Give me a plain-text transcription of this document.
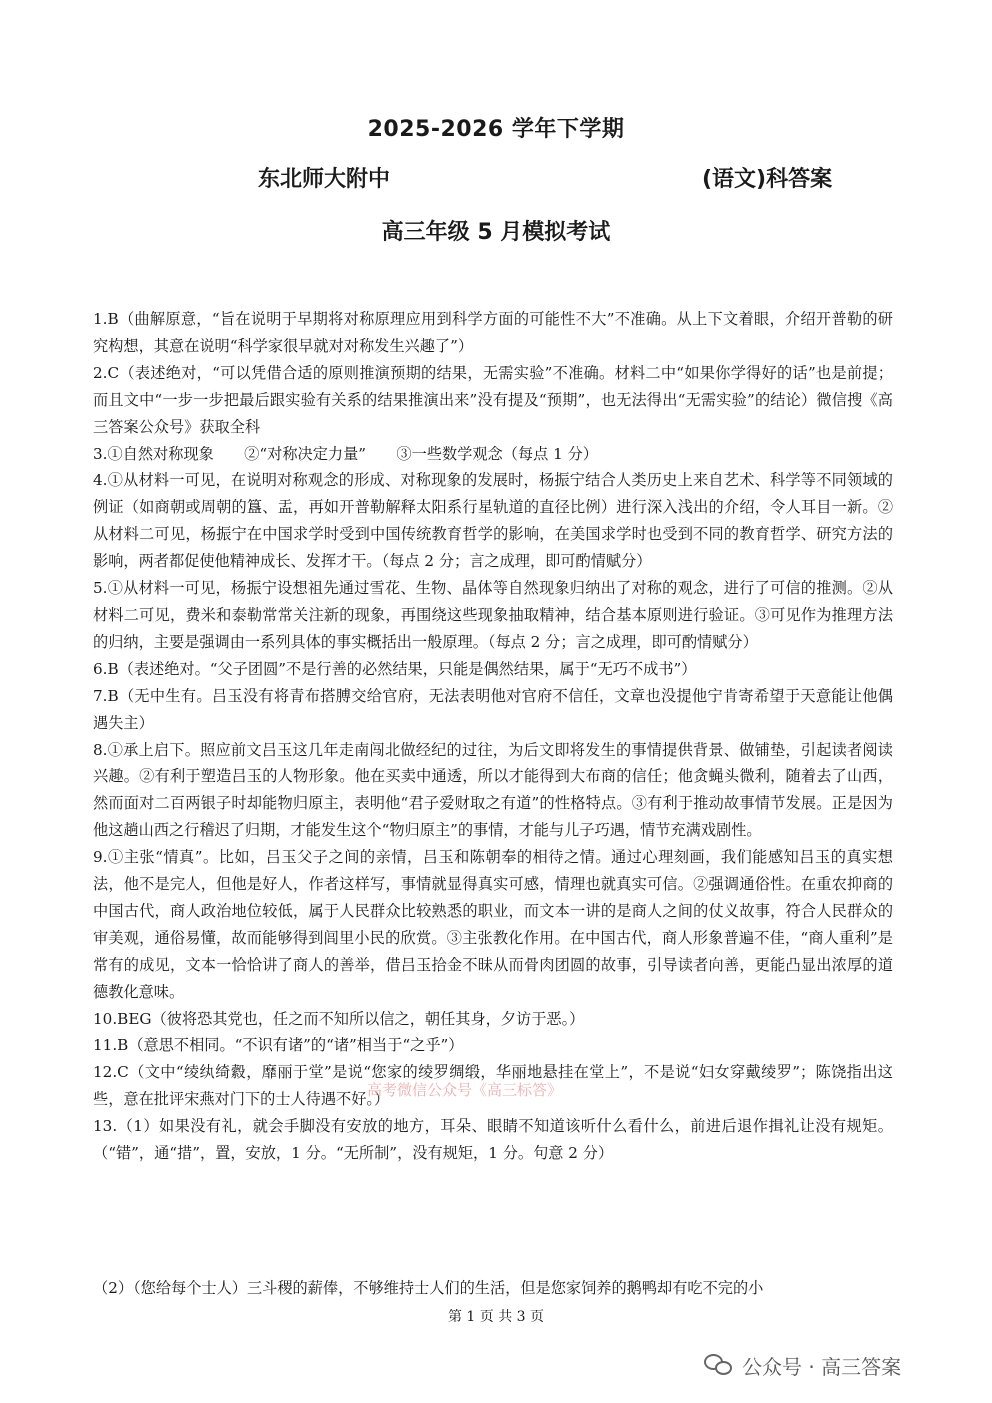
2025-2026 学年下学期
东北师大附中	(语文)科答案
高三年级 5 月模拟考试

1.B（曲解原意，“旨在说明于早期将对称原理应用到科学方面的可能性不大”不准确。从上下文着眼，介绍开普勒的研究构想，其意在说明“科学家很早就对对称发生兴趣了”）

2.C（表述绝对，“可以凭借合适的原则推演预期的结果，无需实验”不准确。材料二中“如果你学得好的话”也是前提；而且文中“一步一步把最后跟实验有关系的结果推演出来”没有提及“预期”，也无法得出“无需实验”的结论）微信搜《高三答案公众号》获取全科

3.①自然对称现象　　②“对称决定力量”　　③一些数学观念（每点 1 分）

4.①从材料一可见，在说明对称观念的形成、对称现象的发展时，杨振宁结合人类历史上来自艺术、科学等不同领域的例证（如商朝或周朝的簋、盂，再如开普勒解释太阳系行星轨道的直径比例）进行深入浅出的介绍，令人耳目一新。②从材料二可见，杨振宁在中国求学时受到中国传统教育哲学的影响，在美国求学时也受到不同的教育哲学、研究方法的影响，两者都促使他精神成长、发挥才干。（每点 2 分；言之成理，即可酌情赋分）

5.①从材料一可见，杨振宁设想祖先通过雪花、生物、晶体等自然现象归纳出了对称的观念，进行了可信的推测。②从材料二可见，费米和泰勒常常关注新的现象，再围绕这些现象抽取精神，结合基本原则进行验证。③可见作为推理方法的归纳，主要是强调由一系列具体的事实概括出一般原理。（每点 2 分；言之成理，即可酌情赋分）

6.B（表述绝对。“父子团圆”不是行善的必然结果，只能是偶然结果，属于“无巧不成书”）

7.B（无中生有。吕玉没有将青布搭膊交给官府，无法表明他对官府不信任，文章也没提他宁肯寄希望于天意能让他偶遇失主）

8.①承上启下。照应前文吕玉这几年走南闯北做经纪的过往，为后文即将发生的事情提供背景、做铺垫，引起读者阅读兴趣。②有利于塑造吕玉的人物形象。他在买卖中通透，所以才能得到大布商的信任；他贪蝇头微利，随着去了山西，然而面对二百两银子时却能物归原主，表明他“君子爱财取之有道”的性格特点。③有利于推动故事情节发展。正是因为他这趟山西之行稽迟了归期，才能发生这个“物归原主”的事情，才能与儿子巧遇，情节充满戏剧性。

9.①主张“情真”。比如，吕玉父子之间的亲情，吕玉和陈朝奉的相待之情。通过心理刻画，我们能感知吕玉的真实想法，他不是完人，但他是好人，作者这样写，事情就显得真实可感，情理也就真实可信。②强调通俗性。在重农抑商的中国古代，商人政治地位较低，属于人民群众比较熟悉的职业，而文本一讲的是商人之间的仗义故事，符合人民群众的审美观，通俗易懂，故而能够得到闾里小民的欣赏。③主张教化作用。在中国古代，商人形象普遍不佳，“商人重利”是常有的成见，文本一恰恰讲了商人的善举，借吕玉拾金不昧从而骨肉团圆的故事，引导读者向善，更能凸显出浓厚的道德教化意味。

10.BEG（彼将恐其党也，任之而不知所以信之，朝任其身，夕访于恶。）

11.B（意思不相同。“不识有诸”的“诸”相当于“之乎”）

12.C（文中“绫纨绮縠，靡丽于堂”是说“您家的绫罗绸缎，华丽地悬挂在堂上”，不是说“妇女穿戴绫罗”；陈饶指出这些，意在批评宋燕对门下的士人待遇不好。）

13.（1）如果没有礼，就会手脚没有安放的地方，耳朵、眼睛不知道该听什么看什么，前进后退作揖礼让没有规矩。（“错”，通“措”，置，安放，1 分。“无所制”，没有规矩，1 分。句意 2 分）

高考微信公众号《高三标答》
（2）（您给每个士人）三斗稷的薪俸，不够维持士人们的生活，但是您家饲养的鹅鸭却有吃不完的小
第 1 页 共 3 页
公众号 · 高三答案
